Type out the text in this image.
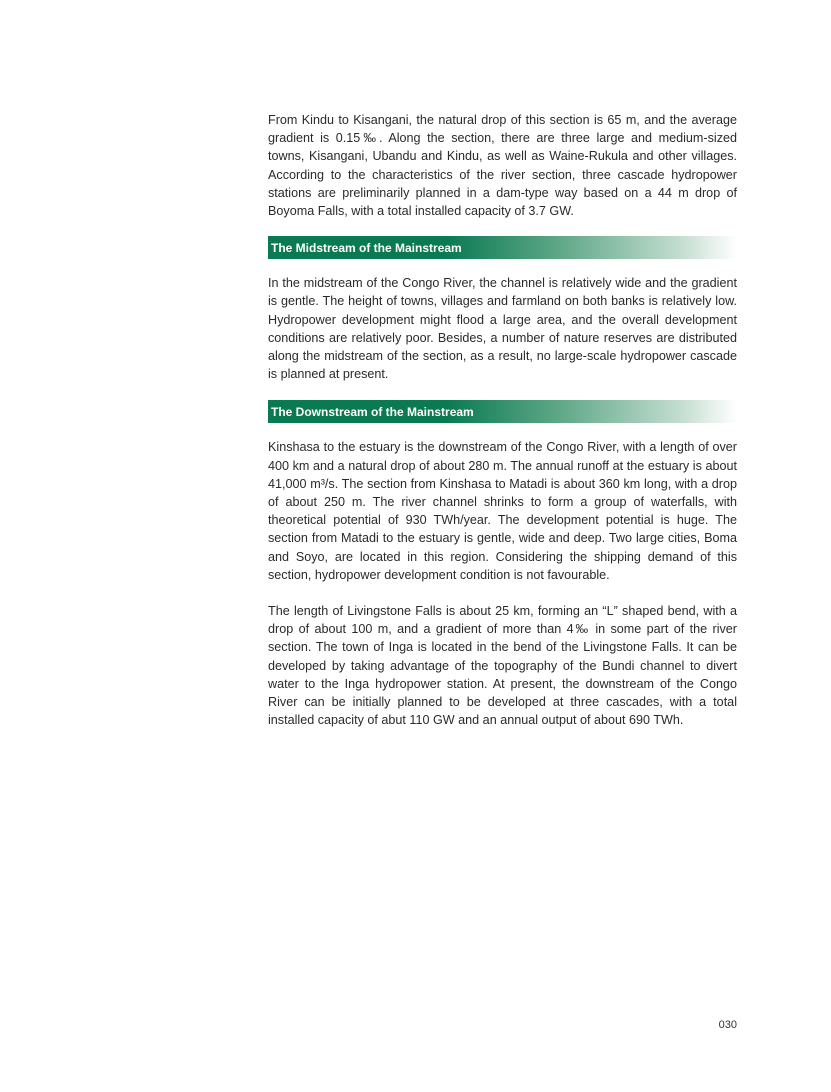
From Kindu to Kisangani, the natural drop of this section is 65 m, and the average gradient is 0.15‰. Along the section, there are three large and medium-sized towns, Kisangani, Ubandu and Kindu, as well as Waine-Rukula and other villages. According to the characteristics of the river section, three cascade hydropower stations are preliminarily planned in a dam-type way based on a 44 m drop of Boyoma Falls, with a total installed capacity of 3.7 GW.

The Midstream of the Mainstream

In the midstream of the Congo River, the channel is relatively wide and the gradient is gentle. The height of towns, villages and farmland on both banks is relatively low. Hydropower development might flood a large area, and the overall development conditions are relatively poor. Besides, a number of nature reserves are distributed along the midstream of the section, as a result, no large-scale hydropower cascade is planned at present.

The Downstream of the Mainstream

Kinshasa to the estuary is the downstream of the Congo River, with a length of over 400 km and a natural drop of about 280 m. The annual runoff at the estuary is about 41,000 m³/s. The section from Kinshasa to Matadi is about 360 km long, with a drop of about 250 m. The river channel shrinks to form a group of waterfalls, with theoretical potential of 930 TWh/year. The development potential is huge. The section from Matadi to the estuary is gentle, wide and deep. Two large cities, Boma and Soyo, are located in this region. Considering the shipping demand of this section, hydropower development condition is not favourable.

The length of Livingstone Falls is about 25 km, forming an “L” shaped bend, with a drop of about 100 m, and a gradient of more than 4‰ in some part of the river section. The town of Inga is located in the bend of the Livingstone Falls. It can be developed by taking advantage of the topography of the Bundi channel to divert water to the Inga hydropower station. At present, the downstream of the Congo River can be initially planned to be developed at three cascades, with a total installed capacity of abut 110 GW and an annual output of about 690 TWh.

030
